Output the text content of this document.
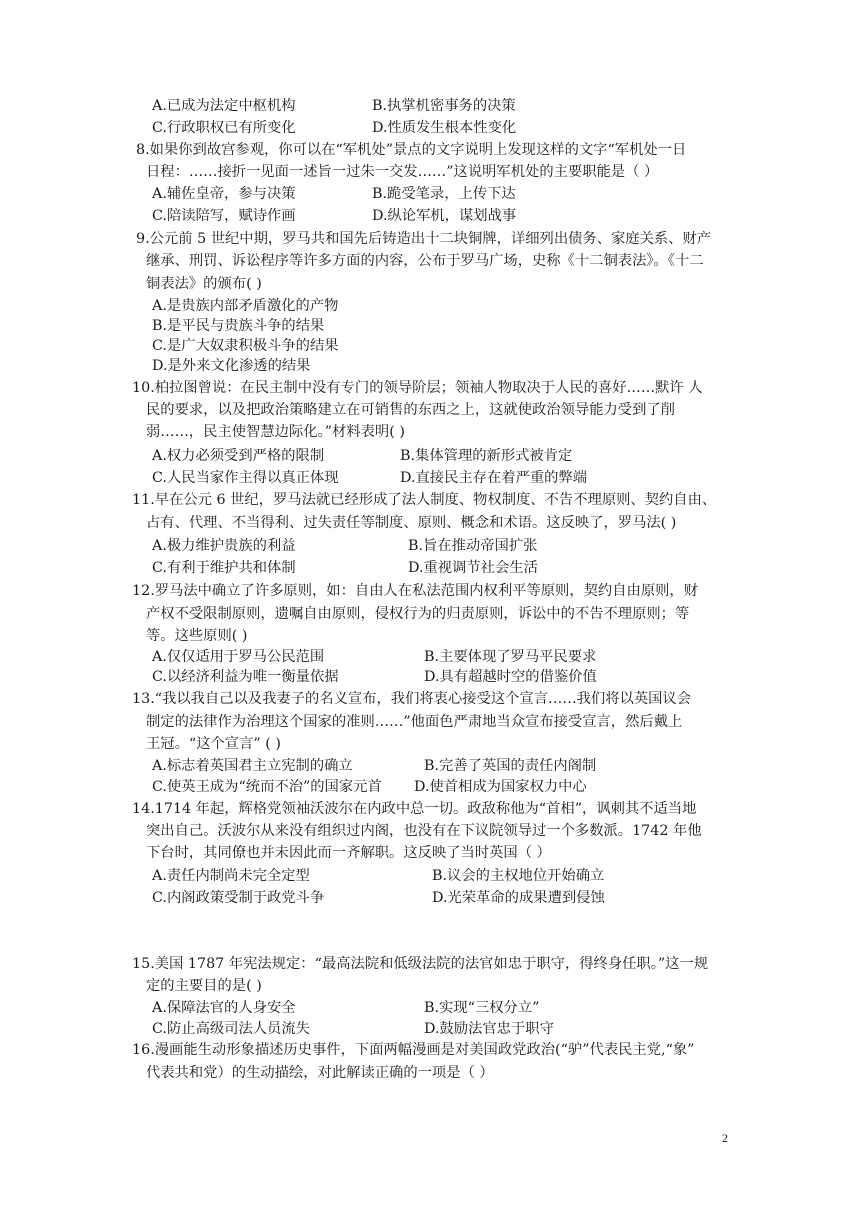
A.已成为法定中枢机构	B.执掌机密事务的决策
C.行政职权已有所变化	D.性质发生根本性变化
8.如果你到故宫参观，你可以在“军机处”景点的文字说明上发现这样的文字“军机处一日
日程：……接折一见面一述旨一过朱一交发……”这说明军机处的主要职能是（ ）
A.辅佐皇帝，参与决策	B.跪受笔录，上传下达
C.陪读陪写，赋诗作画	D.纵论军机，谋划战事
9.公元前 5 世纪中期，罗马共和国先后铸造出十二块铜牌，详细列出债务、家庭关系、财产
继承、刑罚、诉讼程序等许多方面的内容，公布于罗马广场，史称《十二铜表法》。《十二
铜表法》的颁布( )
A.是贵族内部矛盾激化的产物
B.是平民与贵族斗争的结果
C.是广大奴隶积极斗争的结果
D.是外来文化渗透的结果
10.柏拉图曾说：在民主制中没有专门的领导阶层；领袖人物取决于人民的喜好……默许 人
民的要求，以及把政治策略建立在可销售的东西之上，这就使政治领导能力受到了削
弱……，民主使智慧边际化。”材料表明( )
A.权力必须受到严格的限制	B.集体管理的新形式被肯定
C.人民当家作主得以真正体现	D.直接民主存在着严重的弊端
11.早在公元 6 世纪，罗马法就已经形成了法人制度、物权制度、不告不理原则、契约自由、
占有、代理、不当得利、过失责任等制度、原则、概念和术语。这反映了，罗马法( )
A.极力维护贵族的利益	B.旨在推动帝国扩张
C.有利于维护共和体制	D.重视调节社会生活
12.罗马法中确立了许多原则，如：自由人在私法范围内权利平等原则，契约自由原则，财
产权不受限制原则，遗嘱自由原则，侵权行为的归责原则，诉讼中的不告不理原则；等
等。这些原则( )
A.仅仅适用于罗马公民范围	B.主要体现了罗马平民要求
C.以经济利益为唯一衡量依据	D.具有超越时空的借鉴价值
13.“我以我自己以及我妻子的名义宣布，我们将衷心接受这个宣言……我们将以英国议会
制定的法律作为治理这个国家的准则……”他面色严肃地当众宣布接受宣言，然后戴上
王冠。“这个宣言” ( )
A.标志着英国君主立宪制的确立	B.完善了英国的责任内阁制
C.使英王成为“统而不治”的国家元首 D.使首相成为国家权力中心
14.1714 年起，辉格党领袖沃波尔在内政中总一切。政敌称他为“首相”，讽刺其不适当地
突出自己。沃波尔从来没有组织过内阁，也没有在下议院领导过一个多数派。1742 年他
下台时，其同僚也并未因此而一齐解职。这反映了当时英国（ ）
A.责任内制尚未完全定型	B.议会的主权地位开始确立
C.内阁政策受制于政党斗争	D.光荣革命的成果遭到侵蚀
15.美国 1787 年宪法规定：“最高法院和低级法院的法官如忠于职守，得终身任职。”这一规
定的主要目的是( )
A.保障法官的人身安全	B.实现“三权分立”
C.防止高级司法人员流失	D.鼓励法官忠于职守
16.漫画能生动形象描述历史事件，下面两幅漫画是对美国政党政治(“驴”代表民主党,“象”
代表共和党）的生动描绘，对此解读正确的一项是（ ）
2
